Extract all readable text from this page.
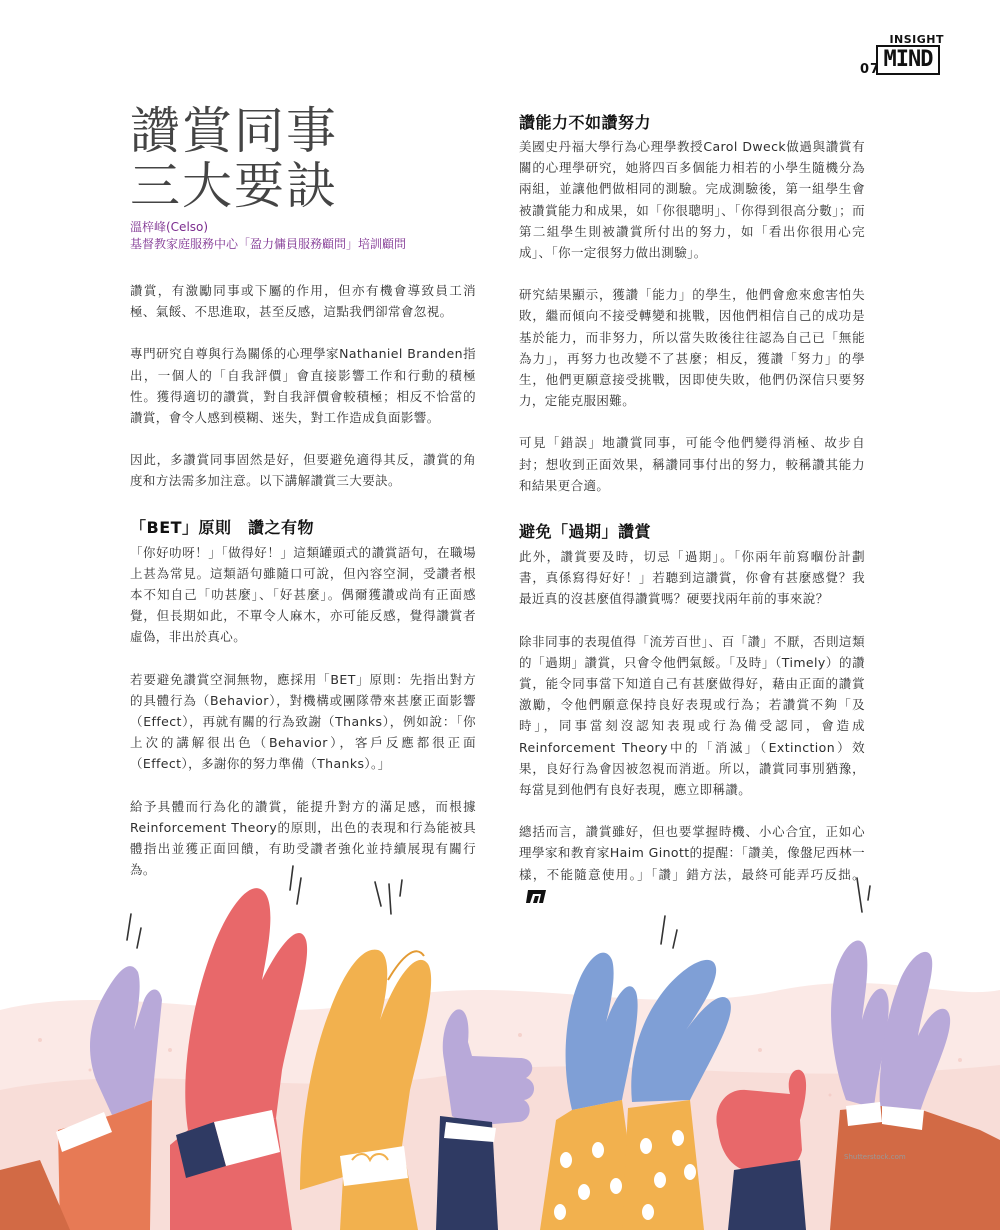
07
INSIGHT
MIND
讚賞同事
三大要訣
溫梓峰(Celso)
基督教家庭服務中心「盈力傭員服務顧問」培訓顧問

讚賞，有激勵同事或下屬的作用，但亦有機會導致員工消極、氣餒、不思進取，甚至反感，這點我們卻常會忽視。

專門研究自尊與行為關係的心理學家Nathaniel Branden指出，一個人的「自我評價」會直接影響工作和行動的積極性。獲得適切的讚賞，對自我評價會較積極；相反不恰當的讚賞，會令人感到模糊、迷失，對工作造成負面影響。

因此，多讚賞同事固然是好，但要避免適得其反，讚賞的角度和方法需多加注意。以下講解讚賞三大要訣。

「BET」原則　讚之有物

「你好叻呀！」「做得好！」這類罐頭式的讚賞語句，在職場上甚為常見。這類語句雖隨口可說，但內容空洞，受讚者根本不知自己「叻甚麼」、「好甚麼」。偶爾獲讚或尚有正面感覺，但長期如此，不單令人麻木，亦可能反感，覺得讚賞者虛偽，非出於真心。

若要避免讚賞空洞無物，應採用「BET」原則：先指出對方的具體行為（Behavior），對機構或團隊帶來甚麼正面影響（Effect），再就有關的行為致謝（Thanks），例如說：「你上次的講解很出色（Behavior），客戶反應都很正面（Effect），多謝你的努力準備（Thanks）。」

給予具體而行為化的讚賞，能提升對方的滿足感，而根據Reinforcement Theory的原則，出色的表現和行為能被具體指出並獲正面回饋，有助受讚者強化並持續展現有關行為。

讚能力不如讚努力

美國史丹福大學行為心理學教授Carol Dweck做過與讚賞有關的心理學研究，她將四百多個能力相若的小學生隨機分為兩組，並讓他們做相同的測驗。完成測驗後，第一組學生會被讚賞能力和成果，如「你很聰明」、「你得到很高分數」；而第二組學生則被讚賞所付出的努力，如「看出你很用心完成」、「你一定很努力做出測驗」。

研究結果顯示，獲讚「能力」的學生，他們會愈來愈害怕失敗，繼而傾向不接受轉變和挑戰，因他們相信自己的成功是基於能力，而非努力，所以當失敗後往往認為自己已「無能為力」，再努力也改變不了甚麼；相反，獲讚「努力」的學生，他們更願意接受挑戰，因即使失敗，他們仍深信只要努力，定能克服困難。

可見「錯誤」地讚賞同事，可能令他們變得消極、故步自封；想收到正面效果，稱讚同事付出的努力，較稱讚其能力和結果更合適。

避免「過期」讚賞

此外，讚賞要及時，切忌「過期」。「你兩年前寫嗰份計劃書，真係寫得好好！」若聽到這讚賞，你會有甚麼感覺？我最近真的沒甚麼值得讚賞嗎？硬要找兩年前的事來說？

除非同事的表現值得「流芳百世」、百「讚」不厭，否則這類的「過期」讚賞，只會令他們氣餒。「及時」（Timely）的讚賞，能令同事當下知道自己有甚麼做得好，藉由正面的讚賞激勵，令他們願意保持良好表現或行為；若讚賞不夠「及時」，同事當刻沒認知表現或行為備受認同，會造成Reinforcement Theory中的「消滅」（Extinction）效果，良好行為會因被忽視而消逝。所以，讚賞同事別猶豫，每當見到他們有良好表現，應立即稱讚。

總括而言，讚賞雖好，但也要掌握時機、小心合宜，正如心理學家和教育家Haim Ginott的提醒：「讚美，像盤尼西林一樣，不能隨意使用。」「讚」錯方法，最終可能弄巧反拙。

Shutterstock.com
